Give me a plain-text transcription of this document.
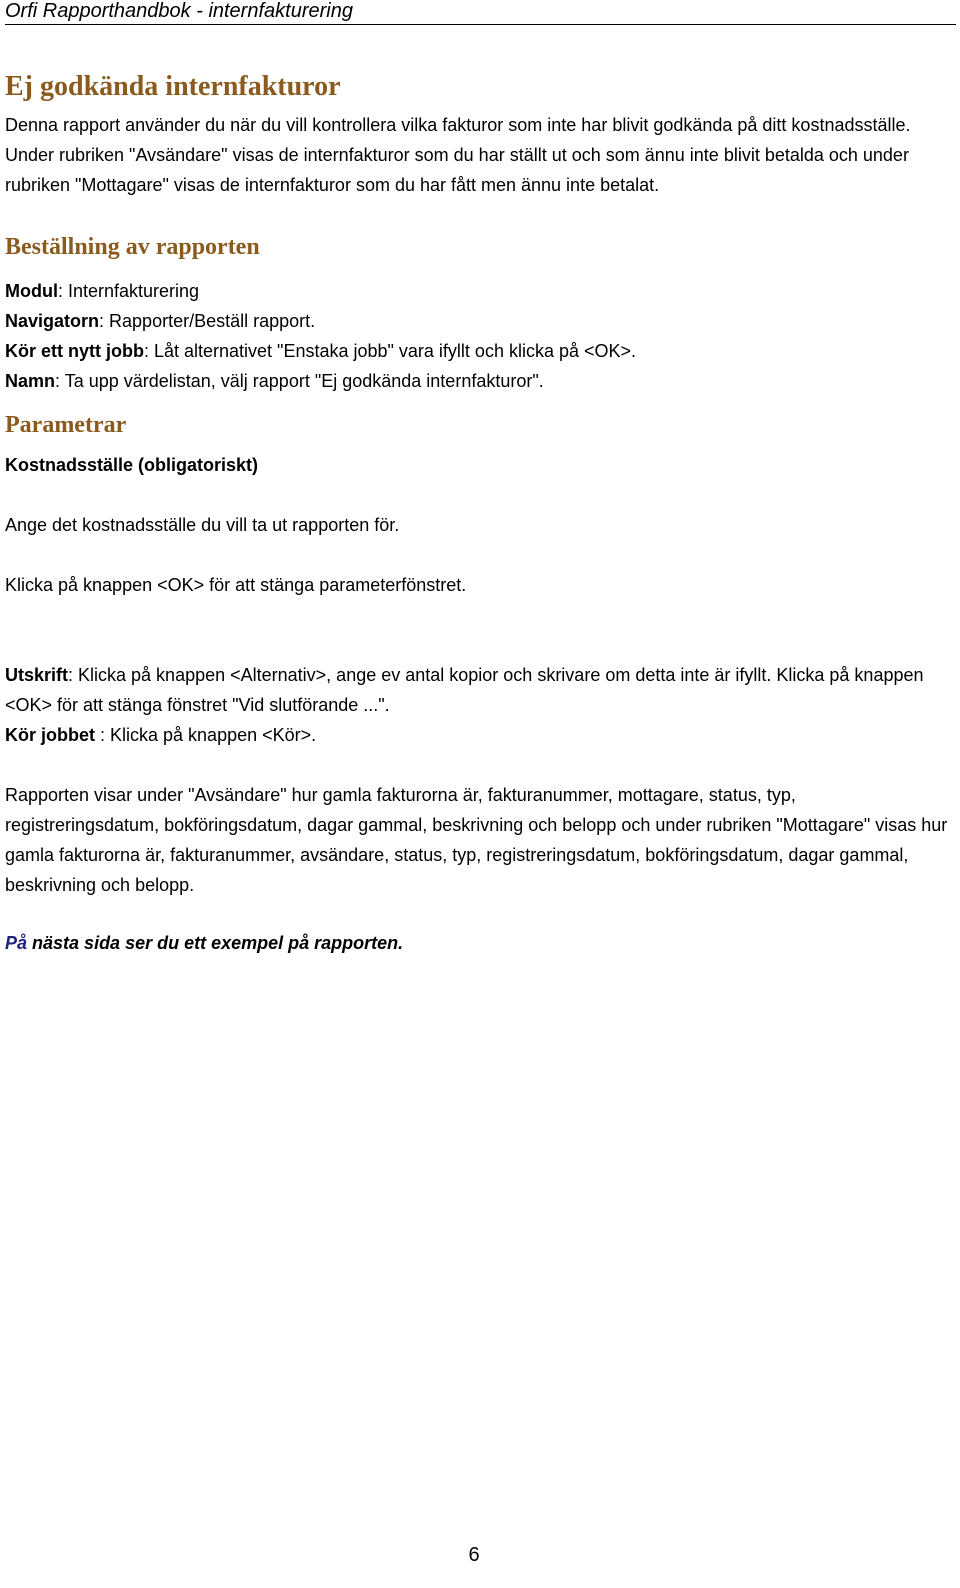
Orfi Rapporthandbok - internfakturering
Ej godkända internfakturor

Denna rapport använder du när du vill kontrollera vilka fakturor som inte har blivit godkända på ditt kostnadsställe. Under rubriken "Avsändare" visas de internfakturor som du har ställt ut och som ännu inte blivit betalda och under rubriken "Mottagare" visas de internfakturor som du har fått men ännu inte betalat.

Beställning av rapporten

Modul: Internfakturering

Navigatorn: Rapporter/Beställ rapport.

Kör ett nytt jobb: Låt alternativet "Enstaka jobb" vara ifyllt och klicka på <OK>.

Namn: Ta upp värdelistan, välj rapport "Ej godkända internfakturor".

Parametrar

Kostnadsställe (obligatoriskt)

Ange det kostnadsställe du vill ta ut rapporten för.

Klicka på knappen <OK> för att stänga parameterfönstret.

Utskrift: Klicka på knappen <Alternativ>, ange ev antal kopior och skrivare om detta inte är ifyllt. Klicka på knappen <OK> för att stänga fönstret "Vid slutförande ...".

Kör jobbet : Klicka på knappen <Kör>.

Rapporten visar under "Avsändare" hur gamla fakturorna är, fakturanummer, mottagare, status, typ, registreringsdatum, bokföringsdatum, dagar gammal, beskrivning och belopp och under rubriken "Mottagare" visas hur gamla fakturorna är, fakturanummer, avsändare, status, typ, registreringsdatum, bokföringsdatum, dagar gammal, beskrivning och belopp.

På nästa sida ser du ett exempel på rapporten.

6
